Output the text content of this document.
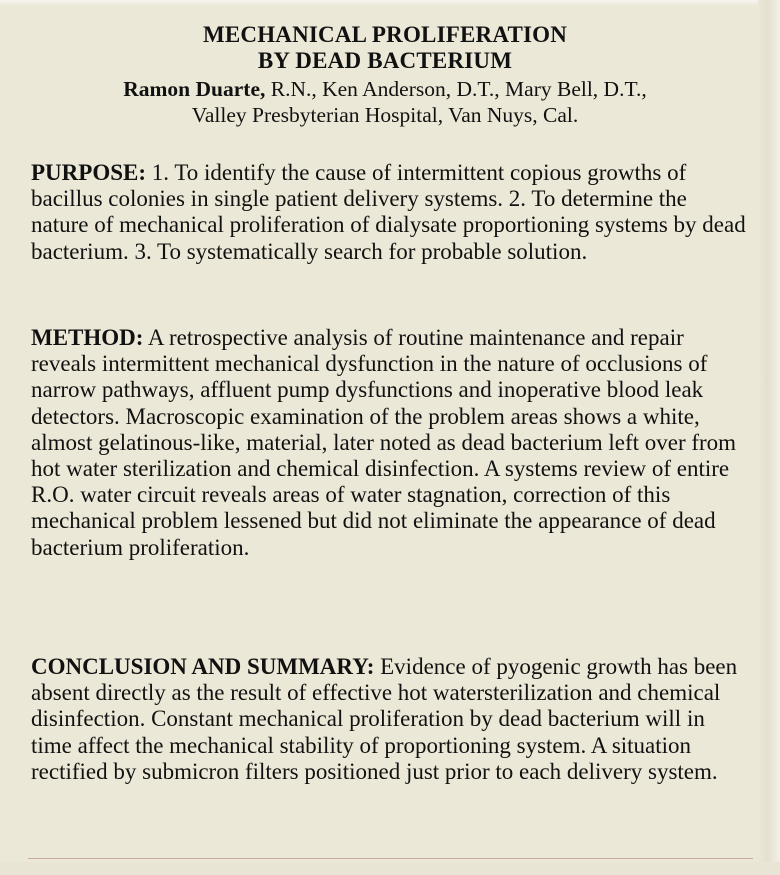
MECHANICAL PROLIFERATION
BY DEAD BACTERIUM

Ramon Duarte, R.N., Ken Anderson, D.T., Mary Bell, D.T.,
Valley Presbyterian Hospital, Van Nuys, Cal.

PURPOSE: 1. To identify the cause of intermittent copious growths of bacillus colonies in single patient delivery systems. 2. To determine the nature of mechanical proliferation of dialysate proportioning systems by dead bacterium. 3. To systematically search for probable solution.

METHOD: A retrospective analysis of routine maintenance and repair reveals intermittent mechanical dysfunction in the nature of occlusions of narrow pathways, affluent pump dysfunctions and inoperative blood leak detectors. Macroscopic examination of the problem areas shows a white, almost gelatinous-like, material, later noted as dead bacterium left over from hot water sterilization and chemical disinfection. A systems review of entire R.O. water circuit reveals areas of water stagnation, correction of this mechanical problem lessened but did not eliminate the appearance of dead bacterium proliferation.

CONCLUSION AND SUMMARY: Evidence of pyogenic growth has been absent directly as the result of effective hot watersterilization and chemical disinfection. Constant mechanical proliferation by dead bacterium will in time affect the mechanical stability of proportioning system. A situation rectified by submicron filters positioned just prior to each delivery system.
